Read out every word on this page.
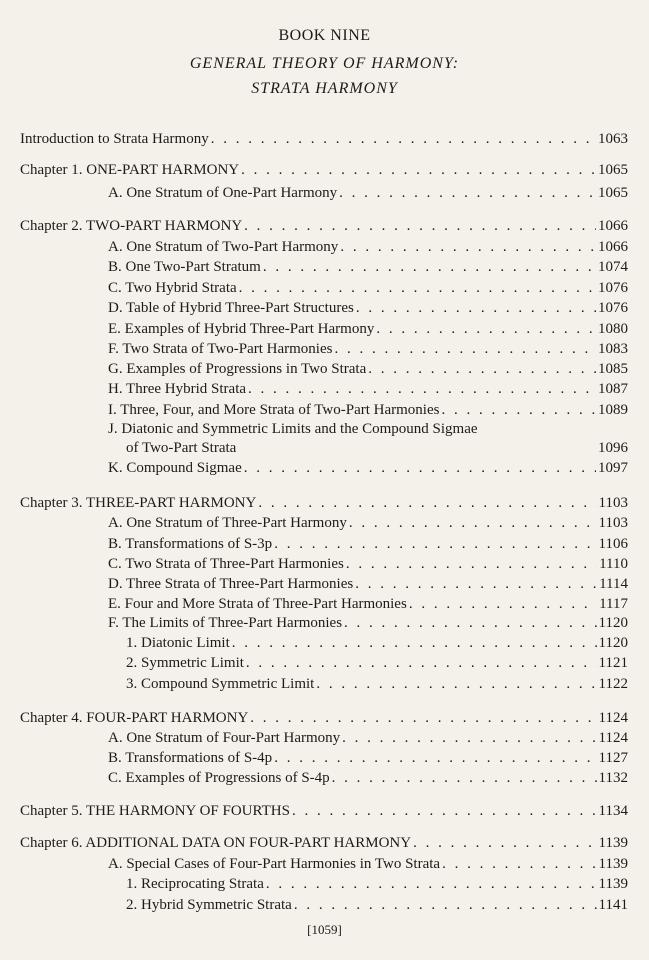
BOOK NINE
GENERAL THEORY OF HARMONY:
STRATA HARMONY
Introduction to Strata Harmony . . .	1063
Chapter 1. ONE-PART HARMONY . . .	1065
A. One Stratum of One-Part Harmony . . .	1065
Chapter 2. TWO-PART HARMONY . . .	1066
A. One Stratum of Two-Part Harmony . . .	1066
B. One Two-Part Stratum . . .	1074
C. Two Hybrid Strata . . .	1076
D. Table of Hybrid Three-Part Structures . . .	1076
E. Examples of Hybrid Three-Part Harmony . . .	1080
F. Two Strata of Two-Part Harmonies . . .	1083
G. Examples of Progressions in Two Strata . . .	1085
H. Three Hybrid Strata . . .	1087
I. Three, Four, and More Strata of Two-Part Harmonies . . .	1089
J. Diatonic and Symmetric Limits and the Compound Sigmae
of Two-Part Strata	1096
K. Compound Sigmae . . .	1097
Chapter 3. THREE-PART HARMONY . . .	1103
A. One Stratum of Three-Part Harmony . . .	1103
B. Transformations of S-3p . . .	1106
C. Two Strata of Three-Part Harmonies . . .	1110
D. Three Strata of Three-Part Harmonies . . .	1114
E. Four and More Strata of Three-Part Harmonies . . .	1117
F. The Limits of Three-Part Harmonies . . .	1120
1. Diatonic Limit . . .	1120
2. Symmetric Limit . . .	1121
3. Compound Symmetric Limit . . .	1122
Chapter 4. FOUR-PART HARMONY . . .	1124
A. One Stratum of Four-Part Harmony . . .	1124
B. Transformations of S-4p . . .	1127
C. Examples of Progressions of S-4p . . .	1132
Chapter 5. THE HARMONY OF FOURTHS . . .	1134
Chapter 6. ADDITIONAL DATA ON FOUR-PART HARMONY . . .	1139
A. Special Cases of Four-Part Harmonies in Two Strata . . .	1139
1. Reciprocating Strata . . .	1139
2. Hybrid Symmetric Strata . . .	1141
[1059]
